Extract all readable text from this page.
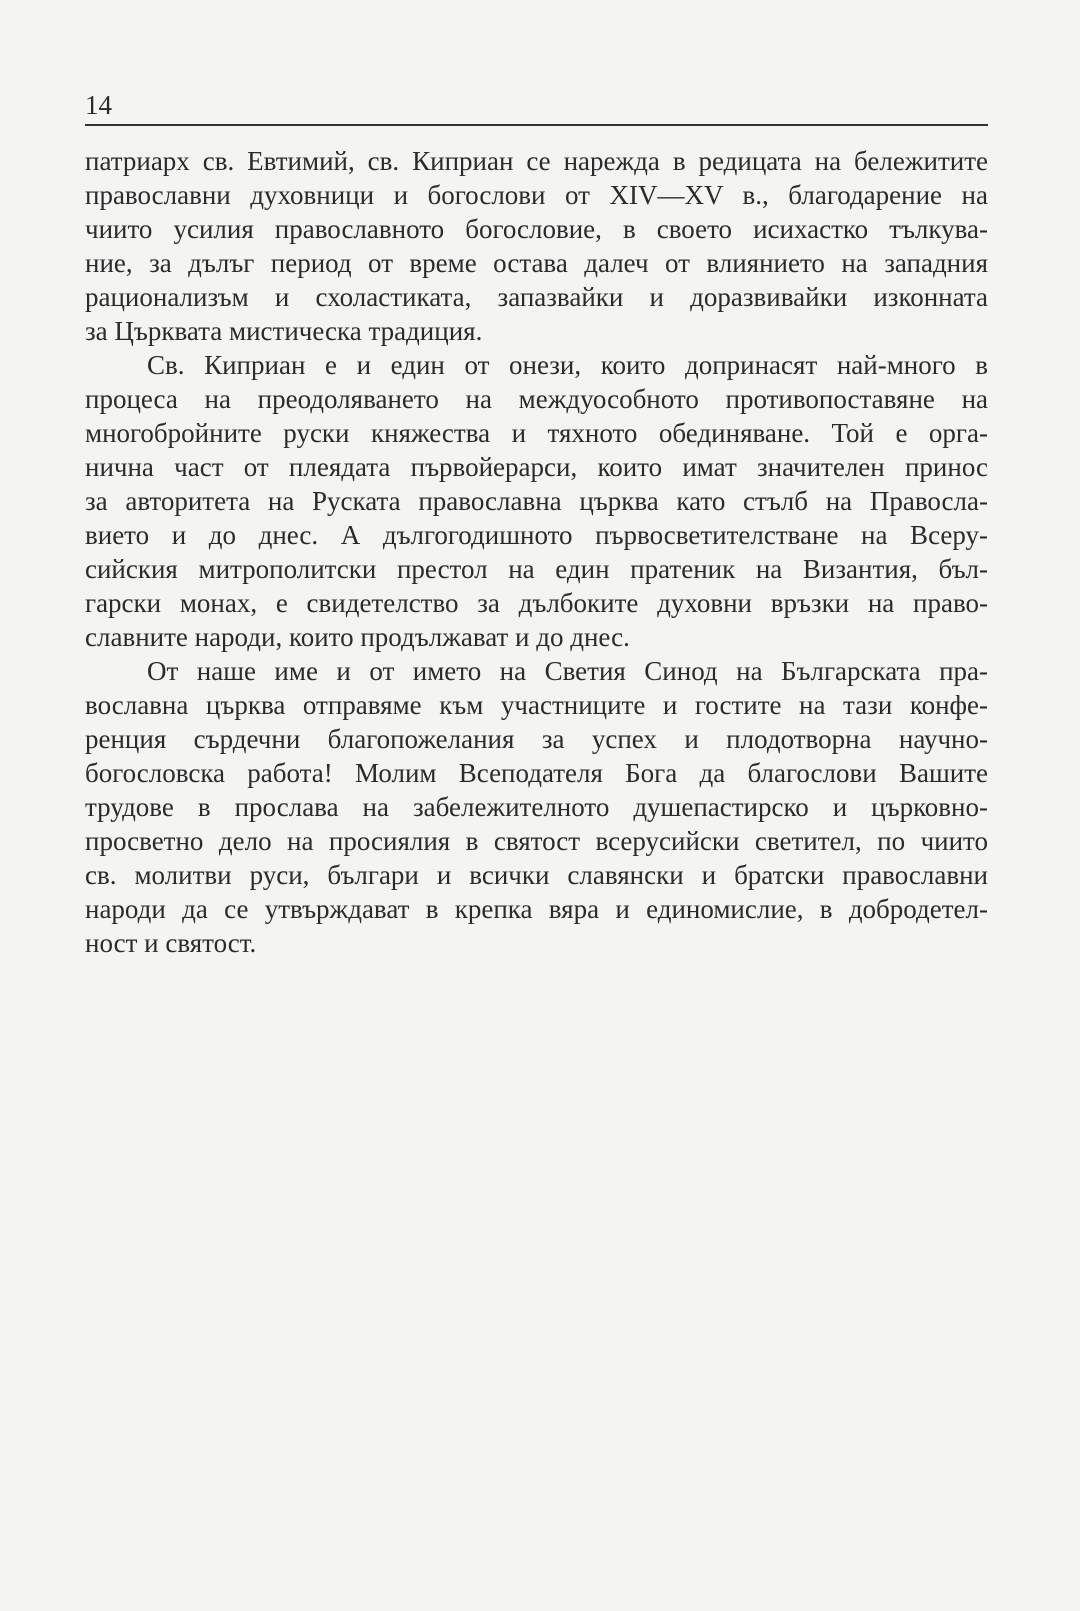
14
патриарх св. Евтимий, св. Киприан се нарежда в редицата на бележитите
православни духовници и богослови от XIV—XV в., благодарение на
чиито усилия православното богословие, в своето исихастко тълкува-
ние, за дълъг период от време остава далеч от влиянието на западния
рационализъм и схоластиката, запазвайки и доразвивайки изконната
за Църквата мистическа традиция.
Св. Киприан е и един от онези, които допринасят най-много в
процеса на преодоляването на междуособното противопоставяне на
многобройните руски княжества и тяхното обединяване. Той е орга-
нична част от плеядата първойерарси, които имат значителен принос
за авторитета на Руската православна църква като стълб на Правосла-
вието и до днес. А дългогодишното първосветителстване на Всеру-
сийския митрополитски престол на един пратеник на Византия, бъл-
гарски монах, е свидетелство за дълбоките духовни връзки на право-
славните народи, които продължават и до днес.
От наше име и от името на Светия Синод на Българската пра-
вославна църква отправяме към участниците и гостите на тази конфе-
ренция сърдечни благопожелания за успех и плодотворна научно-
богословска работа! Молим Всеподателя Бога да благослови Вашите
трудове в прослава на забележителното душепастирско и църковно-
просветно дело на просиялия в святост всерусийски светител, по чиито
св. молитви руси, българи и всички славянски и братски православни
народи да се утвърждават в крепка вяра и единомислие, в добродетел-
ност и святост.
